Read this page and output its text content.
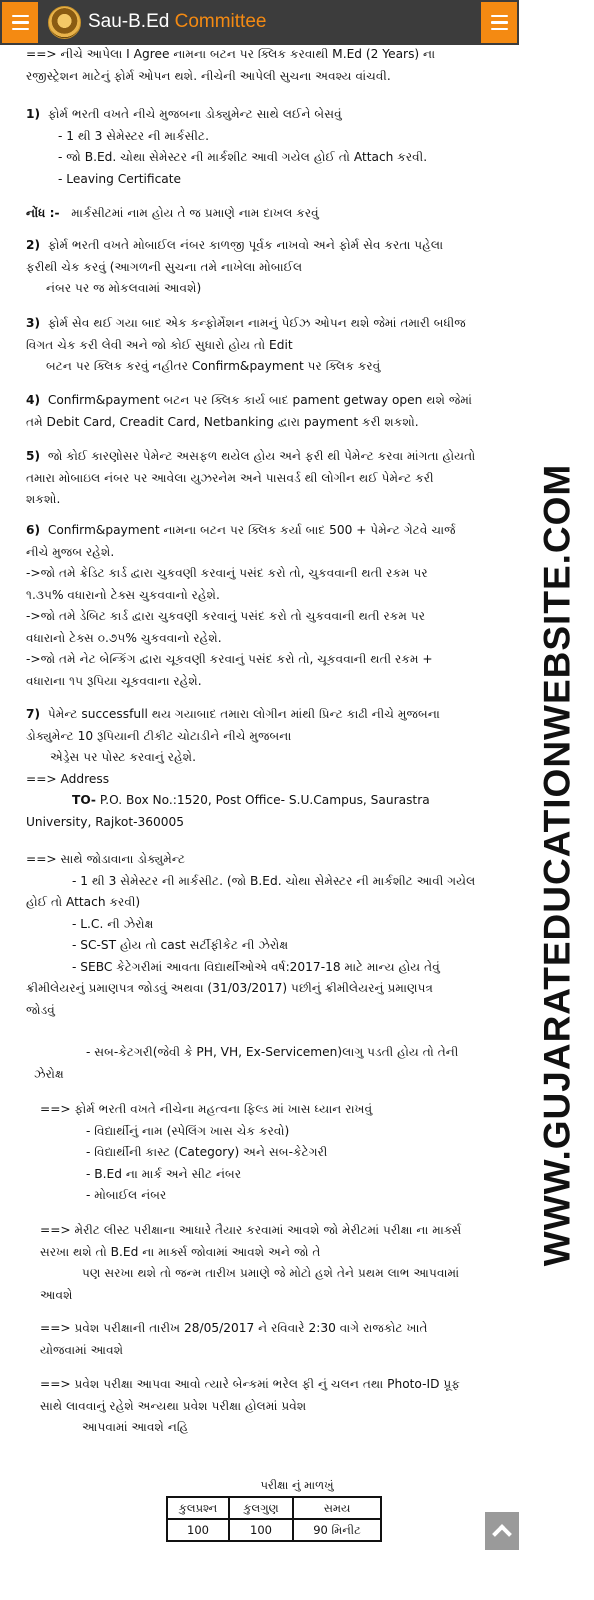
Sau-B.Ed Committee
WWW.GUJARATEDUCATIONWEBSITE.COM

==> નીચે આપેલા I Agree નામના બટન પર ક્લિક કરવાથી M.Ed (2 Years) ના

રજીસ્ટ્રેશન માટેનું ફોર્મ ઓપન થશે. નીચેની આપેલી સુચના અવશ્ય વાંચવી.

1) ફોર્મ ભરતી વખતે નીચે મુજબના ડોક્યુમેન્ટ સાથે લઈને બેસવું

- 1 થી 3 સેમેસ્ટર ની માર્કસીટ.

- જો B.Ed. ચોથા સેમેસ્ટર ની માર્કશીટ આવી ગયેલ હોઈ તો Attach કરવી.

- Leaving Certificate

નોંધ :- માર્કસીટમાં નામ હોય તે જ પ્રમાણે નામ દાખલ કરવું

2) ફોર્મ ભરતી વખતે મોબાઈલ નંબર કાળજી પૂર્વક નાખવો અને ફોર્મ સેવ કરતા પહેલા

ફરીથી ચેક કરવું (આગળની સુચના તમે નાખેલા મોબાઈલ

નંબર પર જ મોકલવામાં આવશે)

3) ફોર્મ સેવ થઈ ગયા બાદ એક કન્ફોર્મેશન નામનું પેઈઝ ઓપન થશે જેમાં તમારી બધીજ

વિગત ચેક કરી લેવી અને જો કોઈ સુધારો હોય તો Edit

બટન પર ક્લિક કરવું નહીતર Confirm&payment પર ક્લિક કરવું

4) Confirm&payment બટન પર ક્લિક કાર્ય બાદ pament getway open થશે જેમાં

તમે Debit Card, Creadit Card, Netbanking દ્વારા payment કરી શકશો.

5) જો કોઈ કારણોસર પેમેન્ટ અસફળ થયેલ હોય અને ફરી થી પેમેન્ટ કરવા માંગતા હોયતો

તમારા મોબાઇલ નંબર પર આવેલા યુઝરનેમ અને પાસવર્ડ થી લોગીન થઈ પેમેન્ટ કરી

શકશો.

6) Confirm&payment નામના બટન પર ક્લિક કર્યા બાદ 500 + પેમેન્ટ ગેટવે ચાર્જ

નીચે મુજબ રહેશે.

->જો તમે ક્રેડિટ કાર્ડ દ્વારા ચુકવણી કરવાનું પસંદ કરો તો, ચુકવવાની થતી રકમ પર

૧.૩૫% વધારાનો ટેક્સ ચુકવવાનો રહેશે.

->જો તમે ડેબિટ કાર્ડ દ્વારા ચુકવણી કરવાનું પસંદ કરો તો ચુકવવાની થતી રકમ પર

વધારાનો ટેક્સ ૦.૭૫% ચુકવવાનો રહેશે.

->જો તમે નેટ બેન્કિંગ દ્વારા ચૂકવણી કરવાનું પસંદ કરો તો, ચૂકવવાની થતી રકમ +

વધારાના ૧૫ રૂપિયા ચૂકવવાના રહેશે.

7) પેમેન્ટ successfull થય ગયાબાદ તમારા લોગીન માંથી પ્રિન્ટ કાઢી નીચે મુજબના

ડોક્યુમેન્ટ 10 રૂપિયાની ટીકીટ ચોટાડીને નીચે મુજબના

એડ્રેસ પર પોસ્ટ કરવાનું રહેશે.

==> Address

TO- P.O. Box No.:1520, Post Office- S.U.Campus, Saurastra

University, Rajkot-360005

==> સાથે જોડાવાના ડોક્યુમેન્ટ

- 1 થી 3 સેમેસ્ટર ની માર્કસીટ. (જો B.Ed. ચોથા સેમેસ્ટર ની માર્કશીટ આવી ગયેલ

હોઈ તો Attach કરવી)

- L.C. ની ઝેરોક્ષ

- SC-ST હોય તો cast સર્ટીફીકેટ ની ઝેરોક્ષ

- SEBC કેટેગરીમાં આવતા વિદ્યાર્થીઓએ વર્ષ:2017-18 માટે માન્ય હોય તેવું

ક્રીમીલેયરનું પ્રમાણપત્ર જોડવું અથવા (31/03/2017) પછીનું ક્રીમીલેયરનું પ્રમાણપત્ર

જોડવું

- સબ-કેટગરી(જેવી કે PH, VH, Ex-Servicemen)લાગુ પડતી હોય તો તેની

ઝેરોક્ષ

==> ફોર્મ ભરતી વખતે નીચેના મહત્વના ફિલ્ડ માં ખાસ ધ્યાન રાખવું

- વિદ્યાર્થીનું નામ (સ્પેલિંગ ખાસ ચેક કરવો)

- વિદ્યાર્થીની કાસ્ટ (Category) અને સબ-કેટેગરી

- B.Ed ના માર્ક અને સીટ નંબર

- મોબાઈલ નંબર

==> મેરીટ લીસ્ટ પરીક્ષાના આધારે તૈયાર કરવામાં આવશે જો મેરીટમાં પરીક્ષા ના માર્ક્સ

સરખા થશે તો B.Ed ના માર્ક્સ જોવામાં આવશે અને જો તે

પણ સરખા થશે તો જન્મ તારીખ પ્રમાણે જે મોટો હશે તેને પ્રથમ લાભ આપવામાં

આવશે

==> પ્રવેશ પરીક્ષાની તારીખ 28/05/2017 ને રવિવારે 2:30 વાગે રાજકોટ ખાતે

યોજવામાં આવશે

==> પ્રવેશ પરીક્ષા આપવા આવો ત્યારે બેન્કમાં ભરેલ ફી નું ચલન તથા Photo-ID પ્રૂફ

સાથે લાવવાનું રહેશે અન્યથા પ્રવેશ પરીક્ષા હોલમાં પ્રવેશ

આપવામાં આવશે નહિ

પરીક્ષા નું માળખું
કુલપ્રશ્ન	કુલગુણ	સમય
100	100	90 મિનીટ
